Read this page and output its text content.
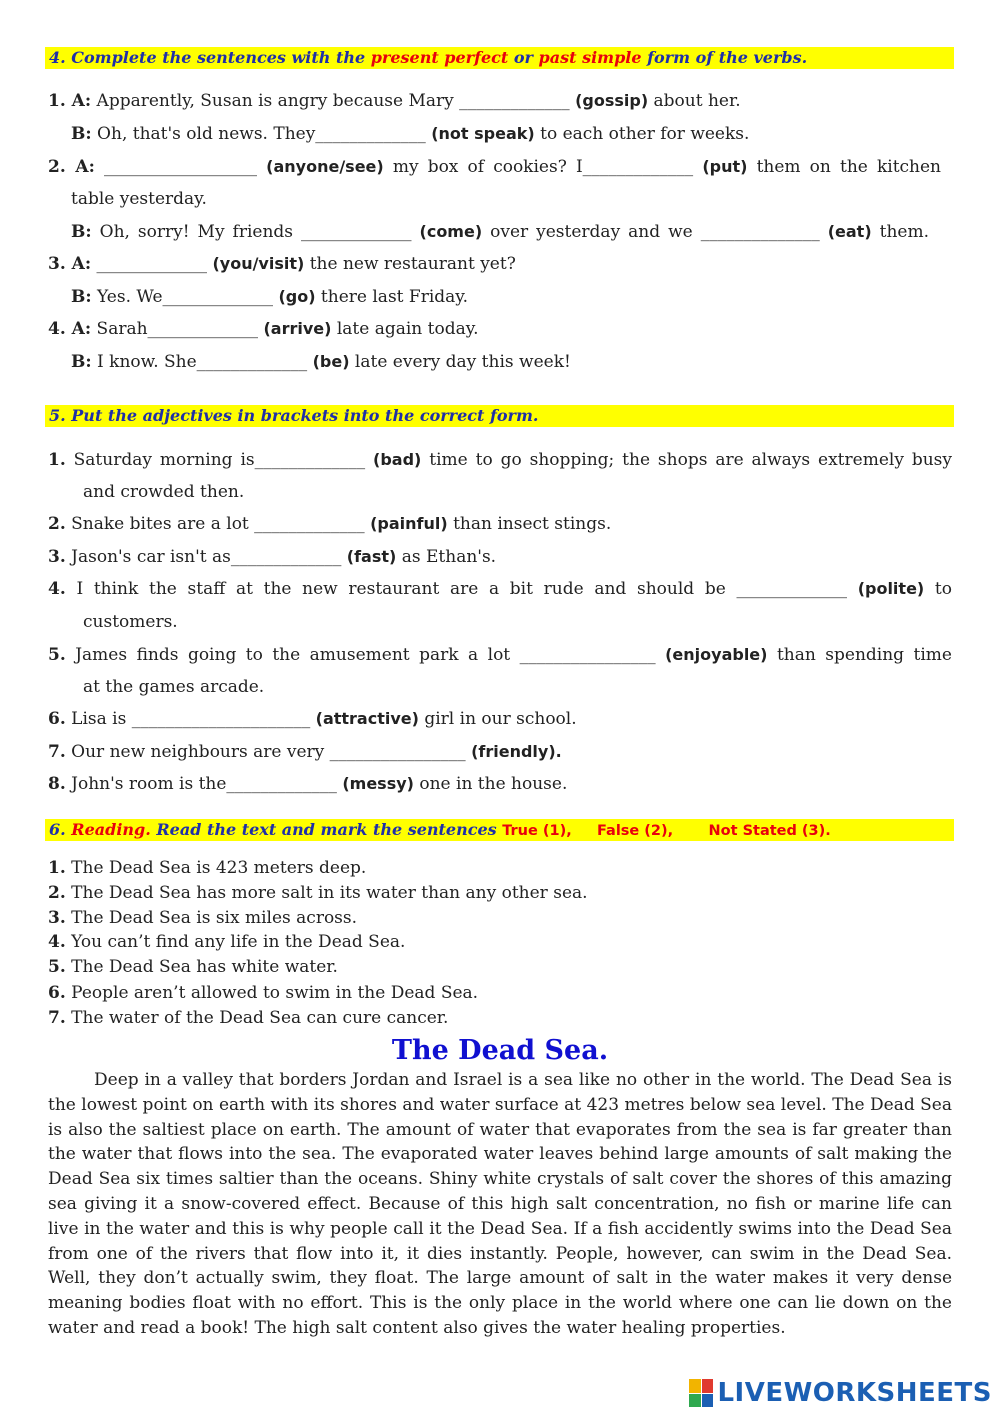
4. Complete the sentences with the present perfect or past simple form of the verbs.
1. A: Apparently, Susan is angry because Mary _____________ (gossip) about her.
B: Oh, that's old news. They_____________ (not speak) to each other for weeks.
2. A: __________________ (anyone/see) my box of cookies? I_____________ (put) them on the kitchen
table yesterday.
B: Oh, sorry! My friends _____________ (come) over yesterday and we ______________ (eat) them.
3. A: _____________ (you/visit) the new restaurant yet?
B: Yes. We_____________ (go) there last Friday.
4. A: Sarah_____________ (arrive) late again today.
B: I know. She_____________ (be) late every day this week!
5. Put the adjectives in brackets into the correct form.
1. Saturday morning is_____________ (bad) time to go shopping; the shops are always extremely busy
and crowded then.
2. Snake bites are a lot _____________ (painful) than insect stings.
3. Jason's car isn't as_____________ (fast) as Ethan's.
4. I think the staff at the new restaurant are a bit rude and should be _____________ (polite) to
customers.
5. James finds going to the amusement park a lot ________________ (enjoyable) than spending time
at the games arcade.
6. Lisa is _____________________ (attractive) girl in our school.
7. Our new neighbours are very ________________ (friendly).
8. John's room is the_____________ (messy) one in the house.
6. Reading. Read the text and mark the sentences True (1),     False (2),       Not Stated (3).
1. The Dead Sea is 423 meters deep.
2. The Dead Sea has more salt in its water than any other sea.
3. The Dead Sea is six miles across.
4. You can’t find any life in the Dead Sea.
5. The Dead Sea has white water.
6. People aren’t allowed to swim in the Dead Sea.
7. The water of the Dead Sea can cure cancer.
The Dead Sea.

Deep in a valley that borders Jordan and Israel is a sea like no other in the world. The Dead Sea is the lowest point on earth with its shores and water surface at 423 metres below sea level. The Dead Sea is also the saltiest place on earth. The amount of water that evaporates from the sea is far greater than the water that flows into the sea. The evaporated water leaves behind large amounts of salt making the Dead Sea six times saltier than the oceans. Shiny white crystals of salt cover the shores of this amazing sea giving it a snow-covered effect. Because of this high salt concentration, no fish or marine life can live in the water and this is why people call it the Dead Sea. If a fish accidently swims into the Dead Sea from one of the rivers that flow into it, it dies instantly. People, however, can swim in the Dead Sea. Well, they don’t actually swim, they float. The large amount of salt in the water makes it very dense meaning bodies float with no effort. This is the only place in the world where one can lie down on the water and read a book! The high salt content also gives the water healing properties.

LIVEWORKSHEETS
